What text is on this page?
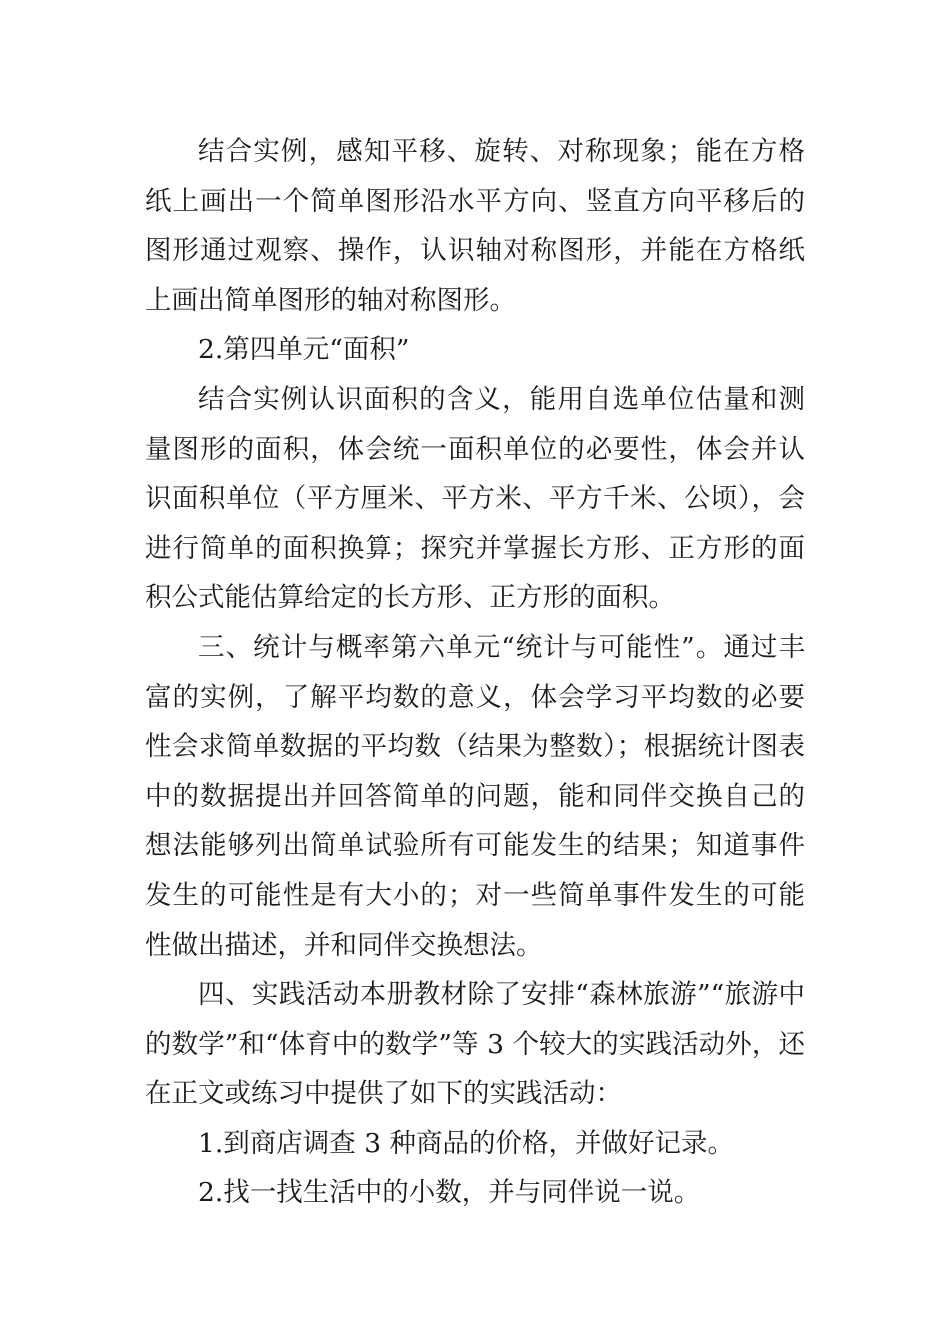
结合实例，感知平移、旋转、对称现象；能在方格纸上画出一个简单图形沿水平方向、竖直方向平移后的图形通过观察、操作，认识轴对称图形，并能在方格纸上画出简单图形的轴对称图形。

2.第四单元“面积”

结合实例认识面积的含义，能用自选单位估量和测量图形的面积，体会统一面积单位的必要性，体会并认识面积单位（平方厘米、平方米、平方千米、公顷），会进行简单的面积换算；探究并掌握长方形、正方形的面积公式能估算给定的长方形、正方形的面积。

三、统计与概率第六单元“统计与可能性”。通过丰富的实例，了解平均数的意义，体会学习平均数的必要性会求简单数据的平均数（结果为整数）；根据统计图表中的数据提出并回答简单的问题，能和同伴交换自己的想法能够列出简单试验所有可能发生的结果；知道事件发生的可能性是有大小的；对一些简单事件发生的可能性做出描述，并和同伴交换想法。

四、实践活动本册教材除了安排“森林旅游”“旅游中的数学”和“体育中的数学”等 3 个较大的实践活动外，还在正文或练习中提供了如下的实践活动：

1.到商店调查 3 种商品的价格，并做好记录。

2.找一找生活中的小数，并与同伴说一说。
